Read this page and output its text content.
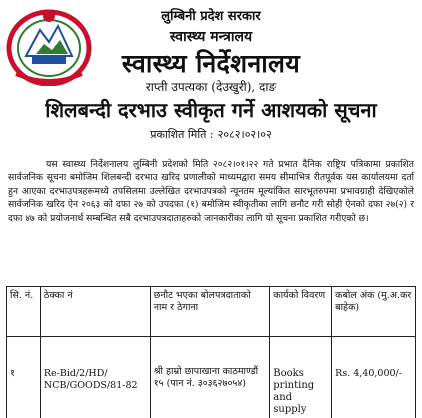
लुम्बिनी प्रदेश सरकार
स्वास्थ्य मन्त्रालय
स्वास्थ्य निर्देशनालय
राप्ती उपत्यका (देउखुरी), दाङ
शिलबन्दी दरभाउ स्वीकृत गर्ने आशयको सूचना
प्रकाशित मिति : २०८२।०२।०२

यस स्वास्थ्य निर्देशनालय लुम्बिनी प्रदेशको मिति २०८२।०१।२२ गते प्रभात दैनिक राष्ट्रिय पत्रिकामा प्रकाशित सार्वजनिक सूचना बमोजिम शिलबन्दी दरभाउ खरिद प्रणालीको माध्यमद्वारा समय सीमाभित्र रीतपूर्वक यस कार्यालयमा दर्ता हुन आएका दरभाउपत्रहरूमध्ये तपसिलमा उल्लेखित दरभाउपत्रको न्यूनतम मूल्यांकित सारभूतरुपमा प्रभावग्राही देखिएकोले सार्वजनिक खरिद ऐन २०६३ को दफा २७ को उपदफा (१) बमोजिम स्वीकृतीका लागि छनौट गरी सोही ऐनको दफा २७(२) र दफा ४७ को प्रयोजनार्थ सम्बन्धित सबै दरभाउपत्रदाताहरुको जानकारीका लागि यो सूचना प्रकाशित गरीएको छ।

सि. नं.	ठेक्का नं	छनौट भएका बोलपत्रदाताको नाम र ठेगाना	कार्यको विवरण	कबोल अंक (मु.अ.कर बाहेक)

१	Re-Bid/2/HD/ NCB/GOODS/81-82	श्री हाम्रो छापाखाना काठमाण्डौं १५ (पान नं. ३०३६२७०५४)	Books printing and supply	Rs. 4,40,000/-
